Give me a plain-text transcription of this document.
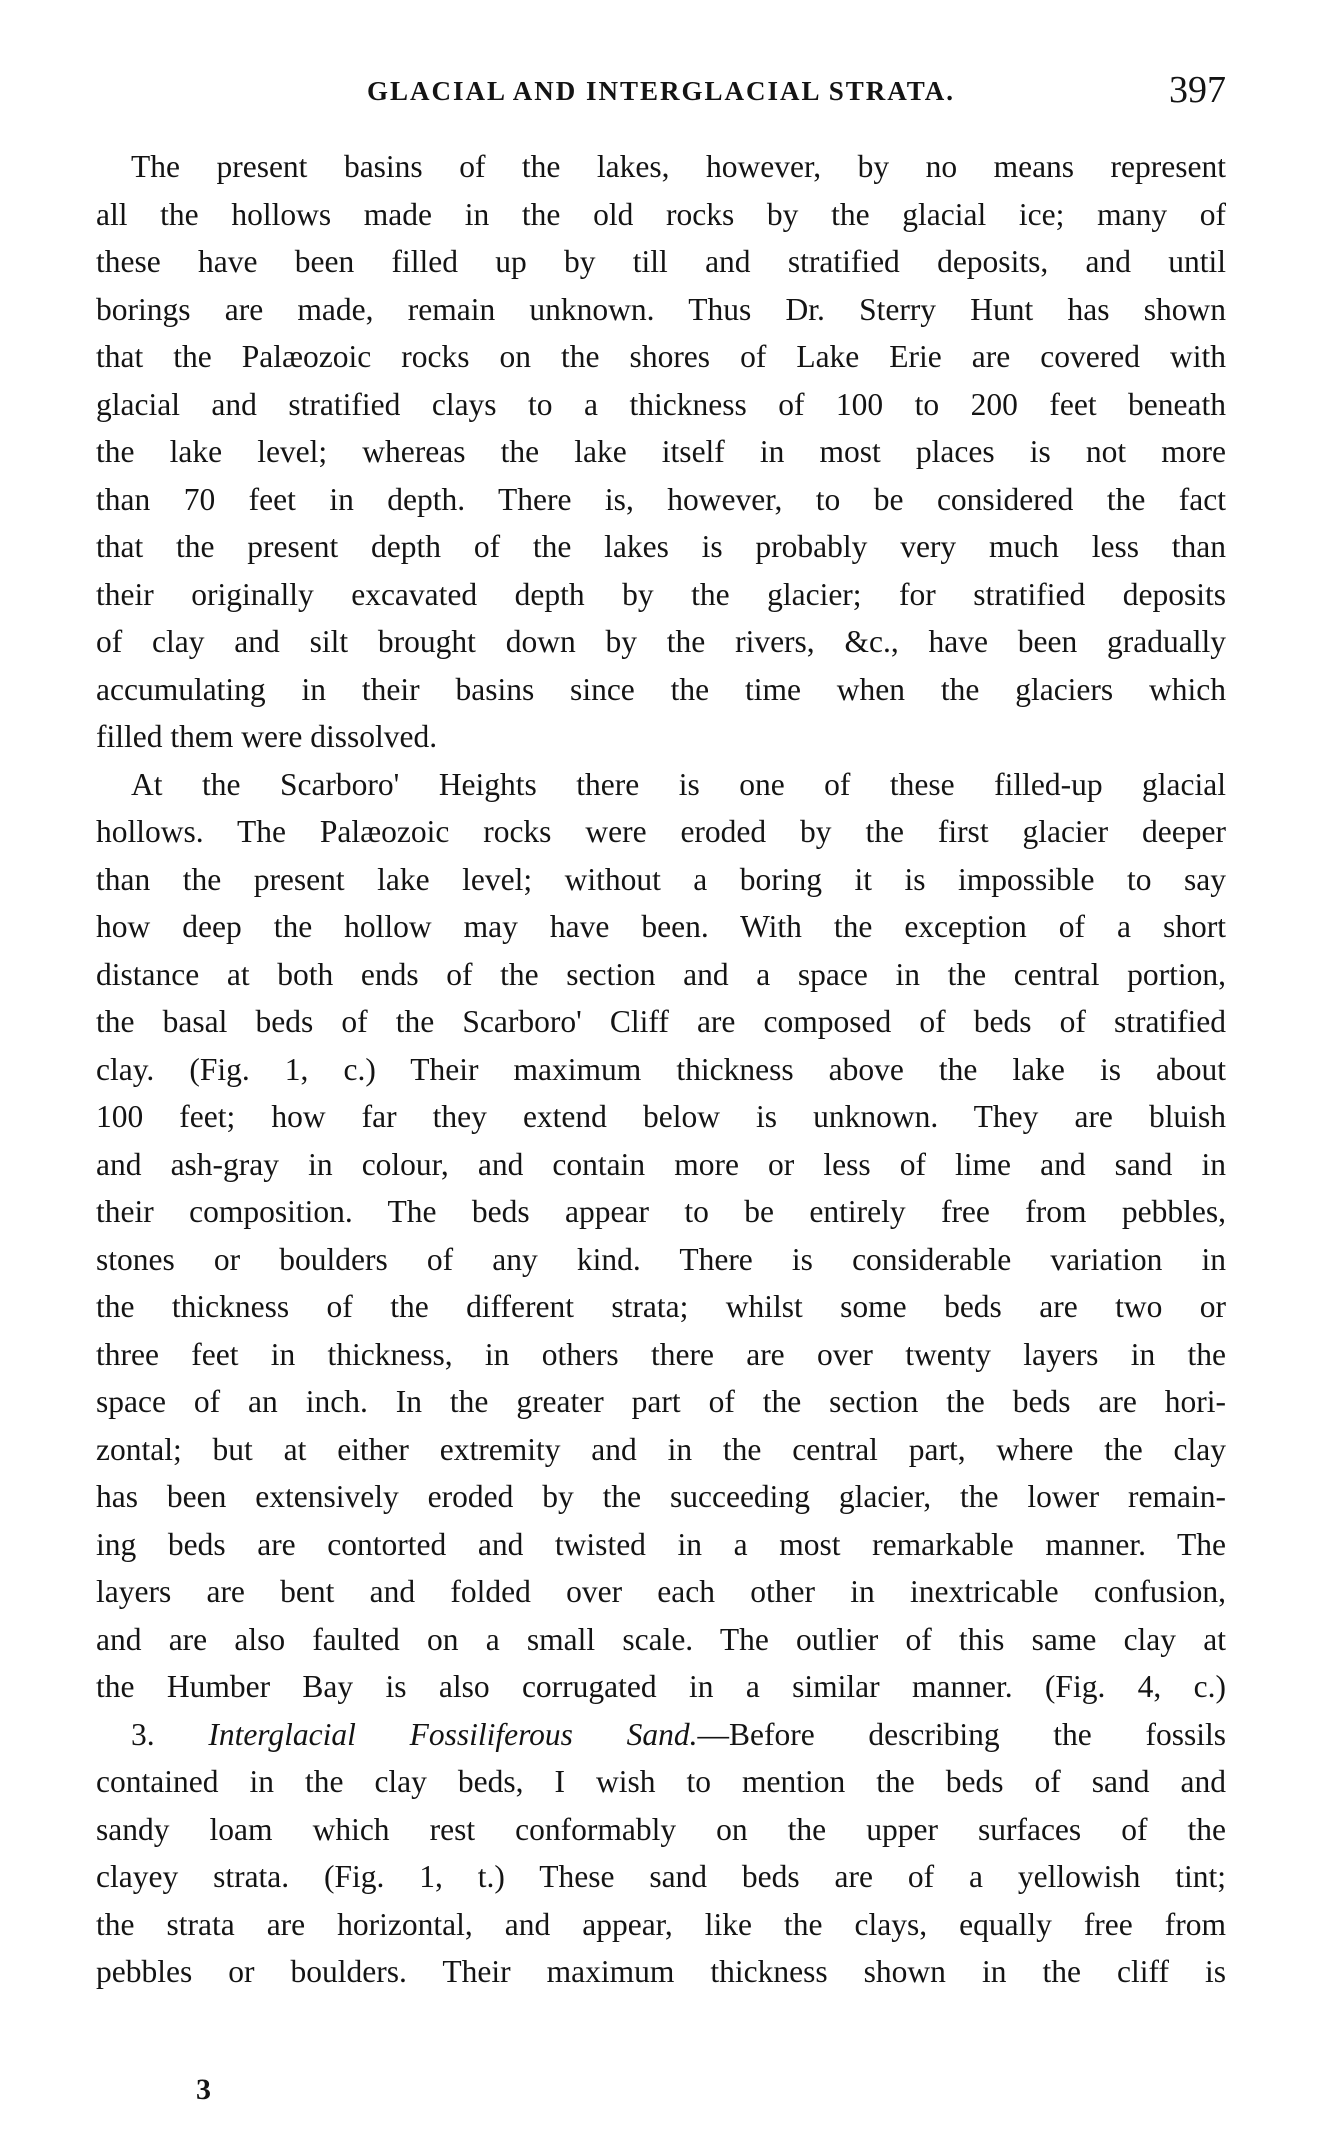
GLACIAL AND INTERGLACIAL STRATA.	397

The present basins of the lakes, however, by no means represent
all the hollows made in the old rocks by the glacial ice; many of
these have been filled up by till and stratified deposits, and until
borings are made, remain unknown. Thus Dr. Sterry Hunt has shown
that the Palæozoic rocks on the shores of Lake Erie are covered with
glacial and stratified clays to a thickness of 100 to 200 feet beneath
the lake level; whereas the lake itself in most places is not more
than 70 feet in depth. There is, however, to be considered the fact
that the present depth of the lakes is probably very much less than
their originally excavated depth by the glacier; for stratified deposits
of clay and silt brought down by the rivers, &c., have been gradually
accumulating in their basins since the time when the glaciers which
filled them were dissolved.

At the Scarboro' Heights there is one of these filled-up glacial
hollows. The Palæozoic rocks were eroded by the first glacier deeper
than the present lake level; without a boring it is impossible to say
how deep the hollow may have been. With the exception of a short
distance at both ends of the section and a space in the central portion,
the basal beds of the Scarboro' Cliff are composed of beds of stratified
clay. (Fig. 1, c.) Their maximum thickness above the lake is about
100 feet; how far they extend below is unknown. They are bluish
and ash-gray in colour, and contain more or less of lime and sand in
their composition. The beds appear to be entirely free from pebbles,
stones or boulders of any kind. There is considerable variation in
the thickness of the different strata; whilst some beds are two or
three feet in thickness, in others there are over twenty layers in the
space of an inch. In the greater part of the section the beds are hori-
zontal; but at either extremity and in the central part, where the clay
has been extensively eroded by the succeeding glacier, the lower remain-
ing beds are contorted and twisted in a most remarkable manner. The
layers are bent and folded over each other in inextricable confusion,
and are also faulted on a small scale. The outlier of this same clay at
the Humber Bay is also corrugated in a similar manner. (Fig. 4, c.)

3. Interglacial Fossiliferous Sand.—Before describing the fossils
contained in the clay beds, I wish to mention the beds of sand and
sandy loam which rest conformably on the upper surfaces of the
clayey strata. (Fig. 1, t.) These sand beds are of a yellowish tint;
the strata are horizontal, and appear, like the clays, equally free from
pebbles or boulders. Their maximum thickness shown in the cliff is

3
